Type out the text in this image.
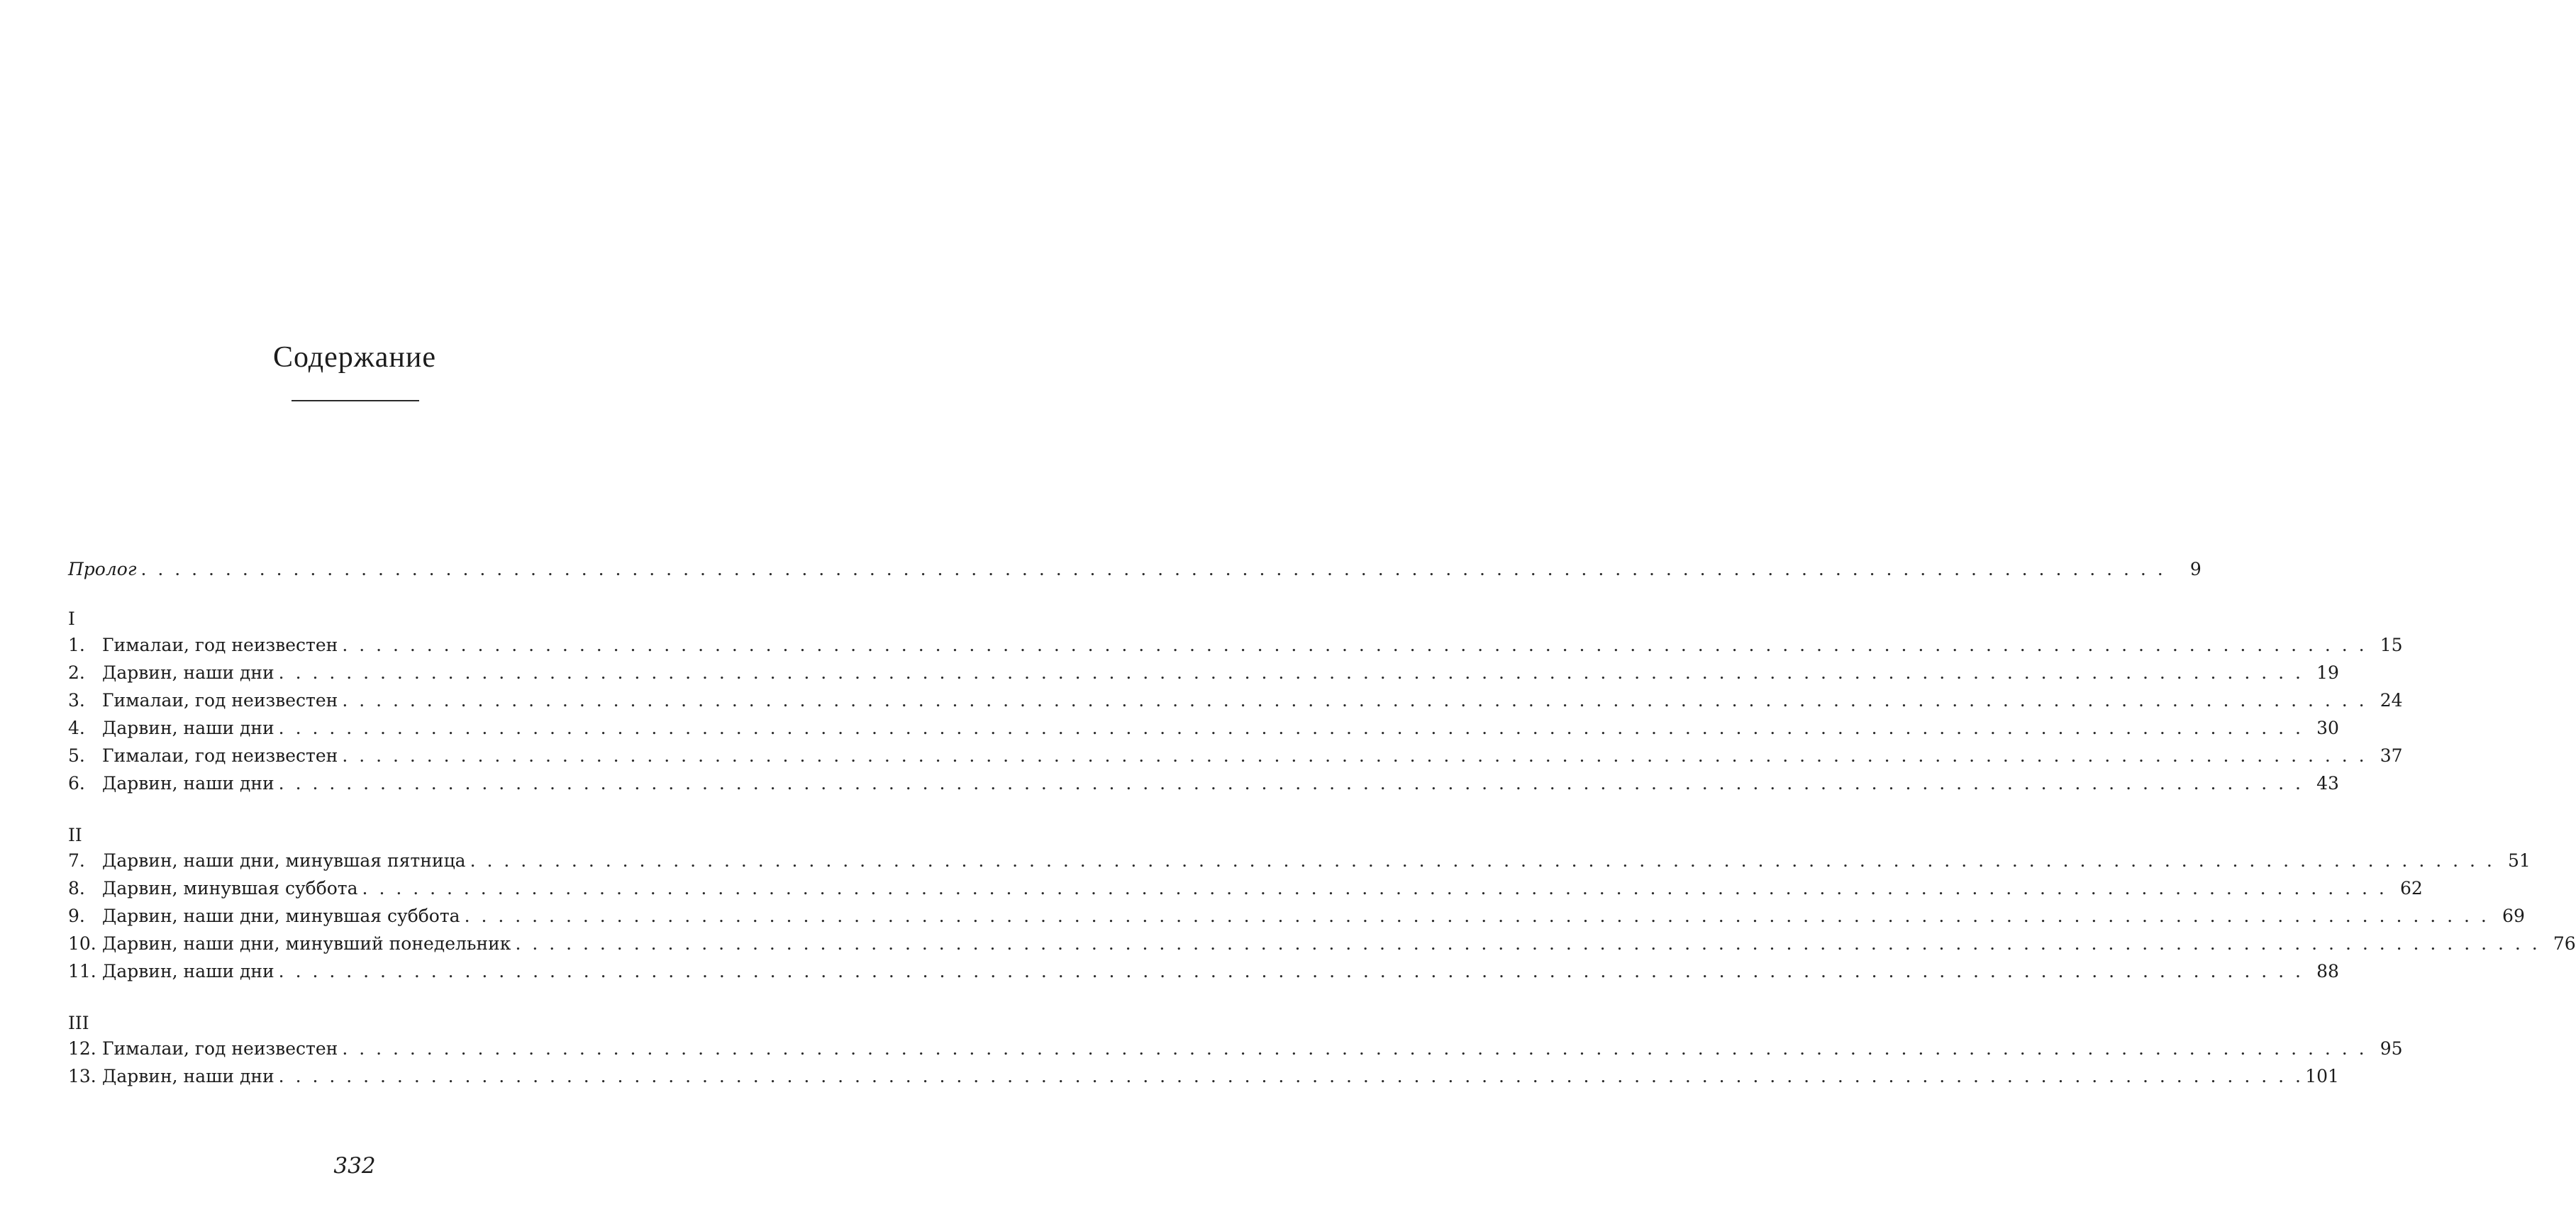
Содержание
Пролог . . . . . . . . . . . . . . . . . . . . . . . . . . . . . . . . . . . . . . . . . . . . . . . . . . . . . . . . . . . . . . . . . . . . . . . . . . . . . . . . . . . . . . . . . . . . . . . . . . . . . . . . . . . . . . . . . . . . . . . .	9
I
1. Гималаи, год неизвестен . . . . . . . . . . . . . . . . . . . . . . . . . . . . . . . . . . . . . . . . . . . . . . . . . . . . . . . . . . . . . . . . . . . . . . . . . . . . . . . . . . . . . . . . . . . . . . . . . . . . . . . . . . . . . . . . . . . . . . . . 15
2. Дарвин, наши дни . . . . . . . . . . . . . . . . . . . . . . . . . . . . . . . . . . . . . . . . . . . . . . . . . . . . . . . . . . . . . . . . . . . . . . . . . . . . . . . . . . . . . . . . . . . . . . . . . . . . . . . . . . . . . . . . . . . . . . . . 19
3. Гималаи, год неизвестен . . . . . . . . . . . . . . . . . . . . . . . . . . . . . . . . . . . . . . . . . . . . . . . . . . . . . . . . . . . . . . . . . . . . . . . . . . . . . . . . . . . . . . . . . . . . . . . . . . . . . . . . . . . . . . . . . . . . . . . . 24
4. Дарвин, наши дни . . . . . . . . . . . . . . . . . . . . . . . . . . . . . . . . . . . . . . . . . . . . . . . . . . . . . . . . . . . . . . . . . . . . . . . . . . . . . . . . . . . . . . . . . . . . . . . . . . . . . . . . . . . . . . . . . . . . . . . . 30
5. Гималаи, год неизвестен . . . . . . . . . . . . . . . . . . . . . . . . . . . . . . . . . . . . . . . . . . . . . . . . . . . . . . . . . . . . . . . . . . . . . . . . . . . . . . . . . . . . . . . . . . . . . . . . . . . . . . . . . . . . . . . . . . . . . . . . 37
6. Дарвин, наши дни . . . . . . . . . . . . . . . . . . . . . . . . . . . . . . . . . . . . . . . . . . . . . . . . . . . . . . . . . . . . . . . . . . . . . . . . . . . . . . . . . . . . . . . . . . . . . . . . . . . . . . . . . . . . . . . . . . . . . . . . 43
II
7. Дарвин, наши дни, минувшая пятница . . . . . . . . . . . . . . . . . . . . . . . . . . . . . . . . . . . . . . . . . . . . . . . . . . . . . . . . . . . . . . . . . . . . . . . . . . . . . . . . . . . . . . . . . . . . . . . . . . . . . . . . . . . . . . . . . . . . . . . . 51
8. Дарвин, минувшая суббота . . . . . . . . . . . . . . . . . . . . . . . . . . . . . . . . . . . . . . . . . . . . . . . . . . . . . . . . . . . . . . . . . . . . . . . . . . . . . . . . . . . . . . . . . . . . . . . . . . . . . . . . . . . . . . . . . . . . . . . . 62
9. Дарвин, наши дни, минувшая суббота . . . . . . . . . . . . . . . . . . . . . . . . . . . . . . . . . . . . . . . . . . . . . . . . . . . . . . . . . . . . . . . . . . . . . . . . . . . . . . . . . . . . . . . . . . . . . . . . . . . . . . . . . . . . . . . . . . . . . . . . 69
10. Дарвин, наши дни, минувший понедельник . . . . . . . . . . . . . . . . . . . . . . . . . . . . . . . . . . . . . . . . . . . . . . . . . . . . . . . . . . . . . . . . . . . . . . . . . . . . . . . . . . . . . . . . . . . . . . . . . . . . . . . . . . . . . . . . . . . . . . . . 76
11. Дарвин, наши дни . . . . . . . . . . . . . . . . . . . . . . . . . . . . . . . . . . . . . . . . . . . . . . . . . . . . . . . . . . . . . . . . . . . . . . . . . . . . . . . . . . . . . . . . . . . . . . . . . . . . . . . . . . . . . . . . . . . . . . . . 88
III
12. Гималаи, год неизвестен . . . . . . . . . . . . . . . . . . . . . . . . . . . . . . . . . . . . . . . . . . . . . . . . . . . . . . . . . . . . . . . . . . . . . . . . . . . . . . . . . . . . . . . . . . . . . . . . . . . . . . . . . . . . . . . . . . . . . . . . 95
13. Дарвин, наши дни . . . . . . . . . . . . . . . . . . . . . . . . . . . . . . . . . . . . . . . . . . . . . . . . . . . . . . . . . . . . . . . . . . . . . . . . . . . . . . . . . . . . . . . . . . . . . . . . . . . . . . . . . . . . . . . . . . . . . . . . 101
332
